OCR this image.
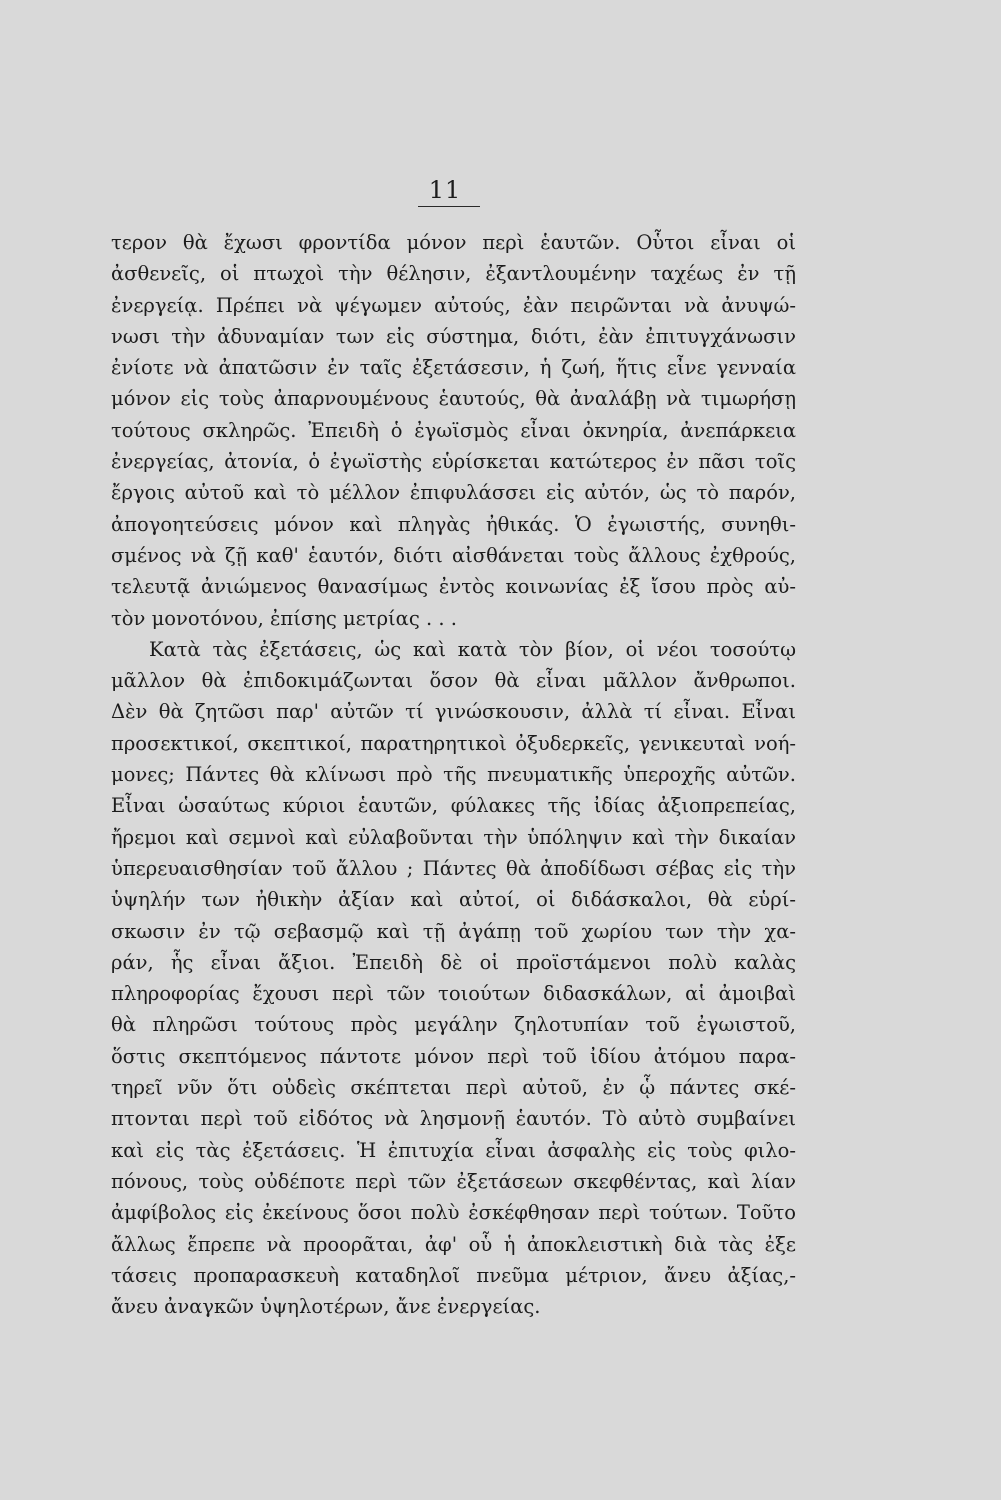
11
τερον θὰ ἔχωσι φροντίδα μόνον περὶ ἑαυτῶν. Οὗτοι εἶναι οἱ
ἀσθενεῖς, οἱ πτωχοὶ τὴν θέλησιν, ἐξαντλουμένην ταχέως ἐν τῇ
ἐνεργείᾳ. Πρέπει νὰ ψέγωμεν αὐτούς, ἐὰν πειρῶνται νὰ ἀνυψώ-
νωσι τὴν ἀδυναμίαν των εἰς σύστημα, διότι, ἐὰν ἐπιτυγχάνωσιν
ἐνίοτε νὰ ἀπατῶσιν ἐν ταῖς ἐξετάσεσιν, ἡ ζωή, ἥτις εἶνε γενναία
μόνον εἰς τοὺς ἀπαρνουμένους ἑαυτούς, θὰ ἀναλάβῃ νὰ τιμωρήσῃ
τούτους σκληρῶς. Ἐπειδὴ ὁ ἐγωϊσμὸς εἶναι ὀκνηρία, ἀνεπάρκεια
ἐνεργείας, ἀτονία, ὁ ἐγωϊστὴς εὑρίσκεται κατώτερος ἐν πᾶσι τοῖς
ἔργοις αὐτοῦ καὶ τὸ μέλλον ἐπιφυλάσσει εἰς αὐτόν, ὡς τὸ παρόν,
ἀπογοητεύσεις μόνον καὶ πληγὰς ἠθικάς. Ὁ ἐγωιστής, συνηθι-
σμένος νὰ ζῇ καθ' ἑαυτόν, διότι αἰσθάνεται τοὺς ἄλλους ἐχθρούς,
τελευτᾷ ἀνιώμενος θανασίμως ἐντὸς κοινωνίας ἐξ ἴσου πρὸς αὐ-
τὸν μονοτόνου, ἐπίσης μετρίας . . .
Κατὰ τὰς ἐξετάσεις, ὡς καὶ κατὰ τὸν βίον, οἱ νέοι τοσούτῳ
μᾶλλον θὰ ἐπιδοκιμάζωνται ὅσον θὰ εἶναι μᾶλλον ἄνθρωποι.
Δὲν θὰ ζητῶσι παρ' αὐτῶν τί γινώσκουσιν, ἀλλὰ τί εἶναι. Εἶναι
προσεκτικοί, σκεπτικοί, παρατηρητικοὶ ὀξυδερκεῖς, γενικευταὶ νοή-
μονες; Πάντες θὰ κλίνωσι πρὸ τῆς πνευματικῆς ὑπεροχῆς αὐτῶν.
Εἶναι ὡσαύτως κύριοι ἑαυτῶν, φύλακες τῆς ἰδίας ἀξιοπρεπείας,
ἤρεμοι καὶ σεμνοὶ καὶ εὐλαβοῦνται τὴν ὑπόληψιν καὶ τὴν δικαίαν
ὑπερευαισθησίαν τοῦ ἄλλου ; Πάντες θὰ ἀποδίδωσι σέβας εἰς τὴν
ὑψηλήν των ἠθικὴν ἀξίαν καὶ αὐτοί, οἱ διδάσκαλοι, θὰ εὑρί-
σκωσιν ἐν τῷ σεβασμῷ καὶ τῇ ἀγάπῃ τοῦ χωρίου των τὴν χα-
ράν, ἧς εἶναι ἄξιοι. Ἐπειδὴ δὲ οἱ προϊστάμενοι πολὺ καλὰς
πληροφορίας ἔχουσι περὶ τῶν τοιούτων διδασκάλων, αἱ ἀμοιβαὶ
θὰ πληρῶσι τούτους πρὸς μεγάλην ζηλοτυπίαν τοῦ ἐγωιστοῦ,
ὅστις σκεπτόμενος πάντοτε μόνον περὶ τοῦ ἰδίου ἀτόμου παρα-
τηρεῖ νῦν ὅτι οὐδεὶς σκέπτεται περὶ αὐτοῦ, ἐν ᾧ πάντες σκέ-
πτονται περὶ τοῦ εἰδότος νὰ λησμονῇ ἑαυτόν. Τὸ αὐτὸ συμβαίνει
καὶ εἰς τὰς ἐξετάσεις. Ἡ ἐπιτυχία εἶναι ἀσφαλὴς εἰς τοὺς φιλο-
πόνους, τοὺς οὐδέποτε περὶ τῶν ἐξετάσεων σκεφθέντας, καὶ λίαν
ἀμφίβολος εἰς ἐκείνους ὅσοι πολὺ ἐσκέφθησαν περὶ τούτων. Τοῦτο
ἄλλως ἔπρεπε νὰ προορᾶται, ἀφ' οὗ ἡ ἀποκλειστικὴ διὰ τὰς ἐξε
τάσεις προπαρασκευὴ καταδηλοῖ πνεῦμα μέτριον, ἄνευ ἀξίας,-
ἄνευ ἀναγκῶν ὑψηλοτέρων, ἄνε ἐνεργείας.
